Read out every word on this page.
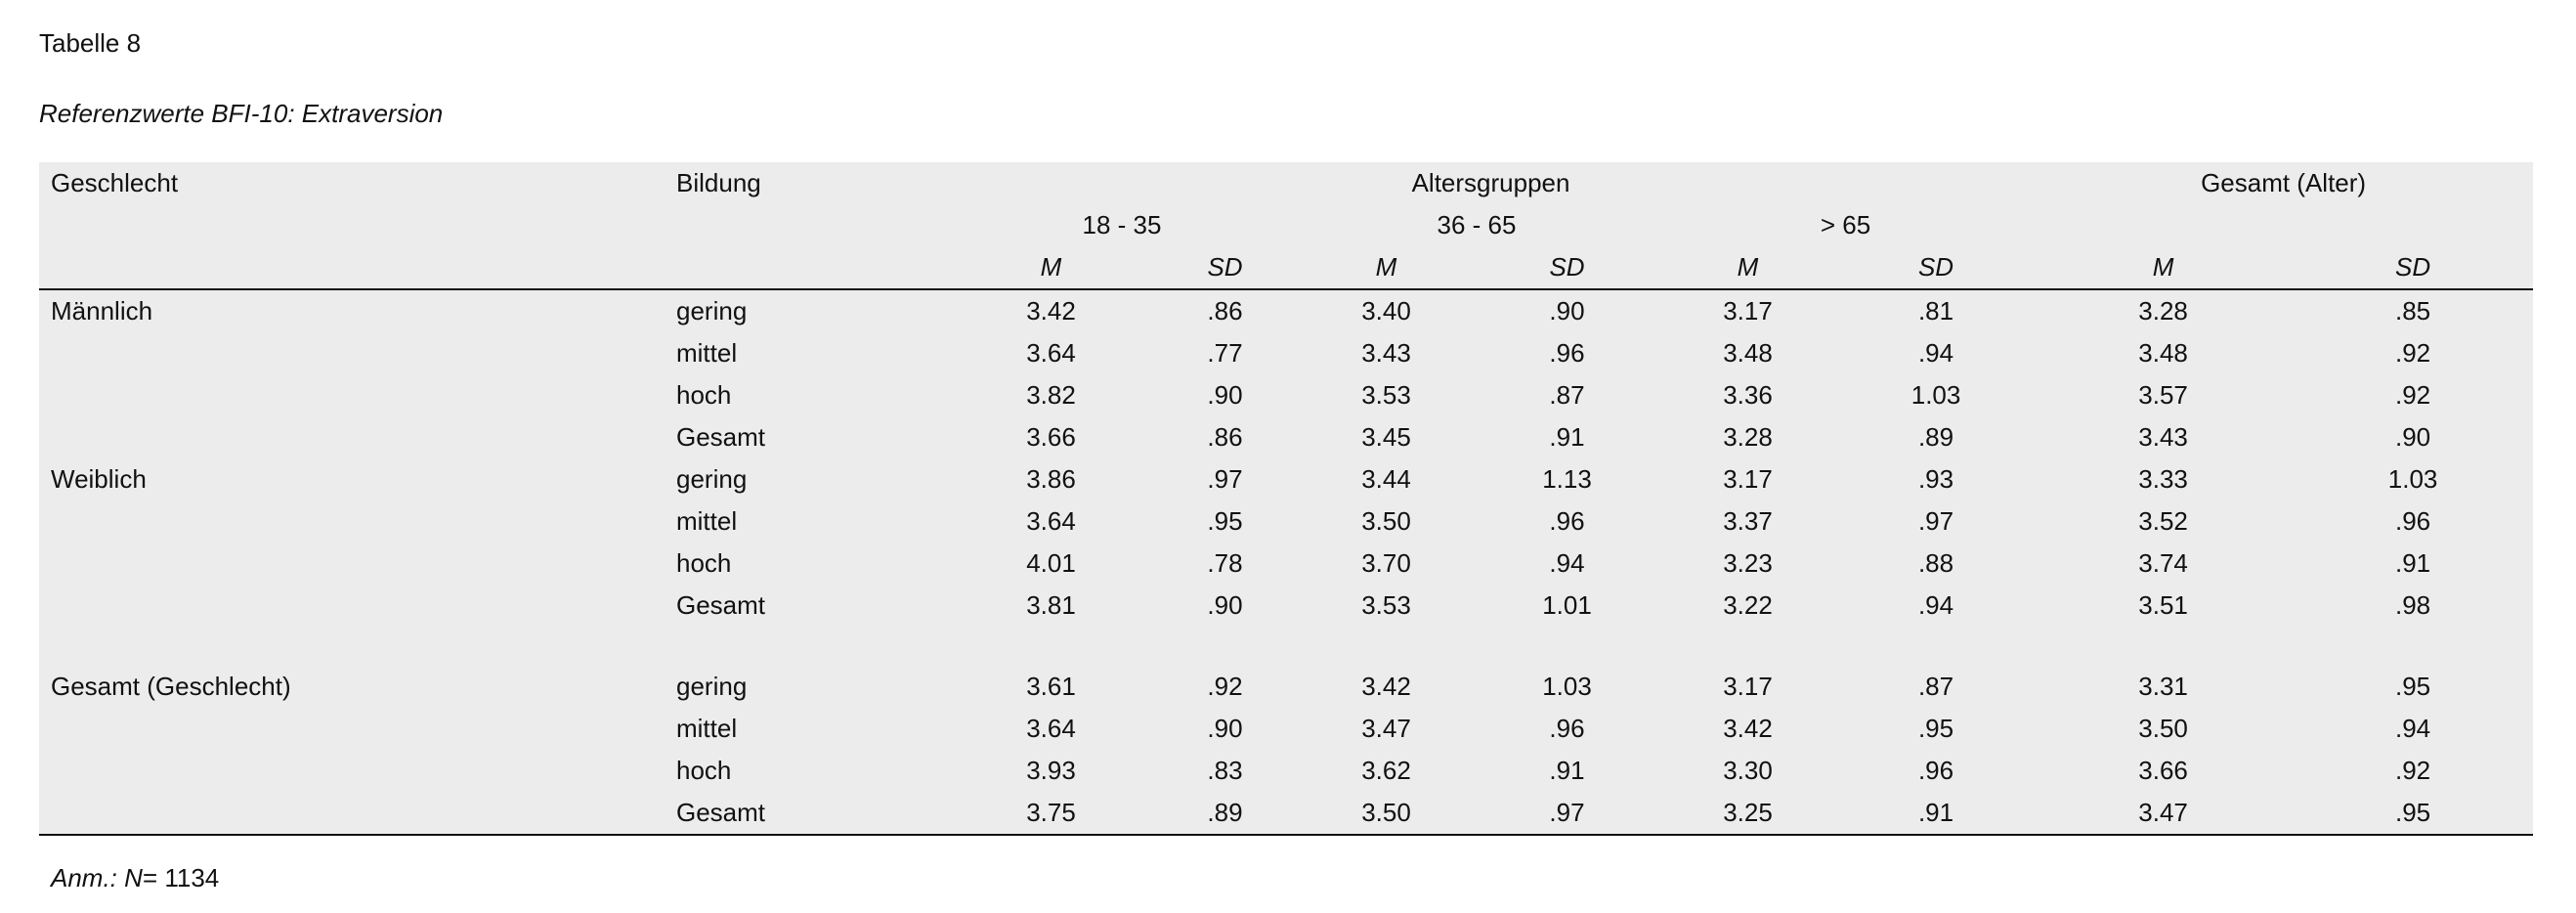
Tabelle 8
Referenzwerte BFI-10: Extraversion
Geschlecht	Bildung	Altersgruppen						Gesamt (Alter)	
		18 - 35		36 - 65		> 65			
		M	SD	M	SD	M	SD	M	SD
Männlich	gering	3.42	.86	3.40	.90	3.17	.81	3.28	.85
	mittel	3.64	.77	3.43	.96	3.48	.94	3.48	.92
	hoch	3.82	.90	3.53	.87	3.36	1.03	3.57	.92
	Gesamt	3.66	.86	3.45	.91	3.28	.89	3.43	.90
Weiblich	gering	3.86	.97	3.44	1.13	3.17	.93	3.33	1.03
	mittel	3.64	.95	3.50	.96	3.37	.97	3.52	.96
	hoch	4.01	.78	3.70	.94	3.23	.88	3.74	.91
	Gesamt	3.81	.90	3.53	1.01	3.22	.94	3.51	.98

Gesamt (Geschlecht)	gering	3.61	.92	3.42	1.03	3.17	.87	3.31	.95
	mittel	3.64	.90	3.47	.96	3.42	.95	3.50	.94
	hoch	3.93	.83	3.62	.91	3.30	.96	3.66	.92
	Gesamt	3.75	.89	3.50	.97	3.25	.91	3.47	.95
Anm.: N= 1134
